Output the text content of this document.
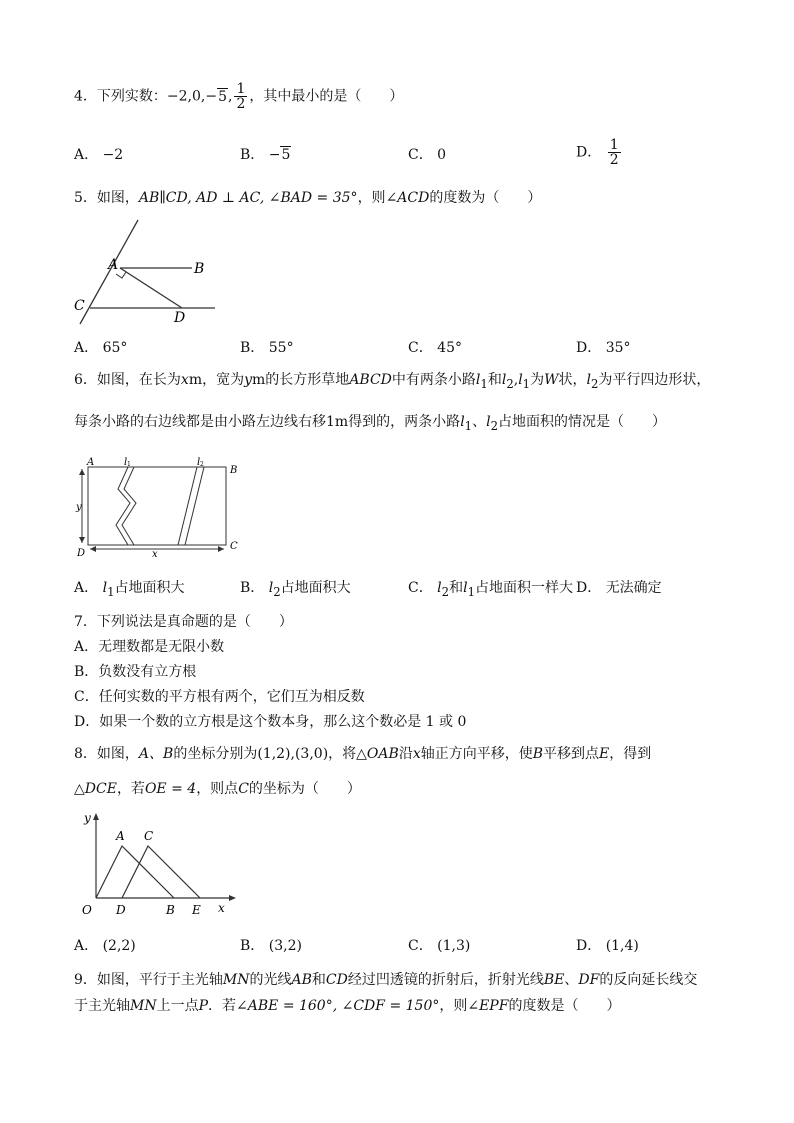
4．下列实数：−2,0,−5, $\frac{1}{2}$ ，其中最小的是（　　）
A． −2	B． −5	C． 0	D． $\frac{1}{2}$
5．如图，AB∥CD, AD ⊥ AC, ∠BAD = 35°，则∠ACD的度数为（　　）
A	B
C
D
A． 65°	B． 55°	C． 45°	D． 35°
6．如图，在长为xm，宽为ym的长方形草地ABCD中有两条小路$l_1$和$l_2,l_1$为W状，$l_2$为平行四边形状，
每条小路的右边线都是由小路左边线右移1m得到的，两条小路$l_1$、$l_2$占地面积的情况是（　　）
A
B
C
D
l 1	l 2
y
x
A． $l_1$占地面积大	B． $l_2$占地面积大	C． $l_2$和$l_1$占地面积一样大 D． 无法确定
7．下列说法是真命题的是（　　）
A．无理数都是无限小数
B．负数没有立方根
C．任何实数的平方根有两个，它们互为相反数
D．如果一个数的立方根是这个数本身，那么这个数必是 1 或 0
8．如图，A、B的坐标分别为(1,2),(3,0)，将△OAB沿x轴正方向平移，使B平移到点E，得到
△DCE，若OE = 4，则点C的坐标为（　　）
y
x
O
A C
D	B E
A． (2,2)	B． (3,2)	C． (1,3)	D． (1,4)
9．如图，平行于主光轴MN的光线AB和CD经过凹透镜的折射后，折射光线BE、DF的反向延长线交
于主光轴MN上一点P．若∠ABE = 160°, ∠CDF = 150°，则∠EPF的度数是（　　）
